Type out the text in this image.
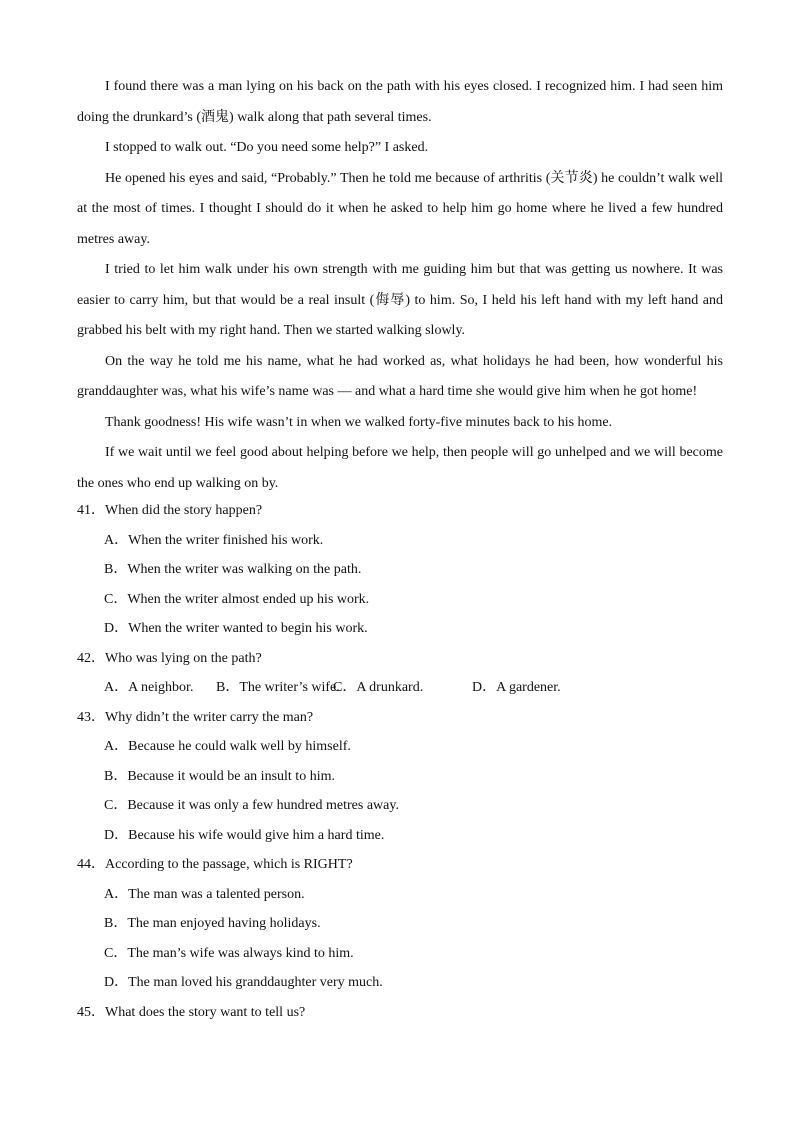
I found there was a man lying on his back on the path with his eyes closed. I recognized him. I had seen him doing the drunkard’s (酒鬼) walk along that path several times.

I stopped to walk out. “Do you need some help?” I asked.

He opened his eyes and said, “Probably.” Then he told me because of arthritis (关节炎) he couldn’t walk well at the most of times. I thought I should do it when he asked to help him go home where he lived a few hundred metres away.

I tried to let him walk under his own strength with me guiding him but that was getting us nowhere. It was easier to carry him, but that would be a real insult (侮辱) to him. So, I held his left hand with my left hand and grabbed his belt with my right hand. Then we started walking slowly.

On the way he told me his name, what he had worked as, what holidays he had been, how wonderful his granddaughter was, what his wife’s name was — and what a hard time she would give him when he got home!

Thank goodness! His wife wasn’t in when we walked forty-five minutes back to his home.

If we wait until we feel good about helping before we help, then people will go unhelped and we will become the ones who end up walking on by.

41．When did the story happen?

A．When the writer finished his work.

B．When the writer was walking on the path.

C．When the writer almost ended up his work.

D．When the writer wanted to begin his work.

42．Who was lying on the path?

A．A neighbor. B．The writer’s wife.C．A drunkard.	D．A gardener.

43．Why didn’t the writer carry the man?

A．Because he could walk well by himself.

B．Because it would be an insult to him.

C．Because it was only a few hundred metres away.

D．Because his wife would give him a hard time.

44．According to the passage, which is RIGHT?

A．The man was a talented person.

B．The man enjoyed having holidays.

C．The man’s wife was always kind to him.

D．The man loved his granddaughter very much.

45．What does the story want to tell us?
